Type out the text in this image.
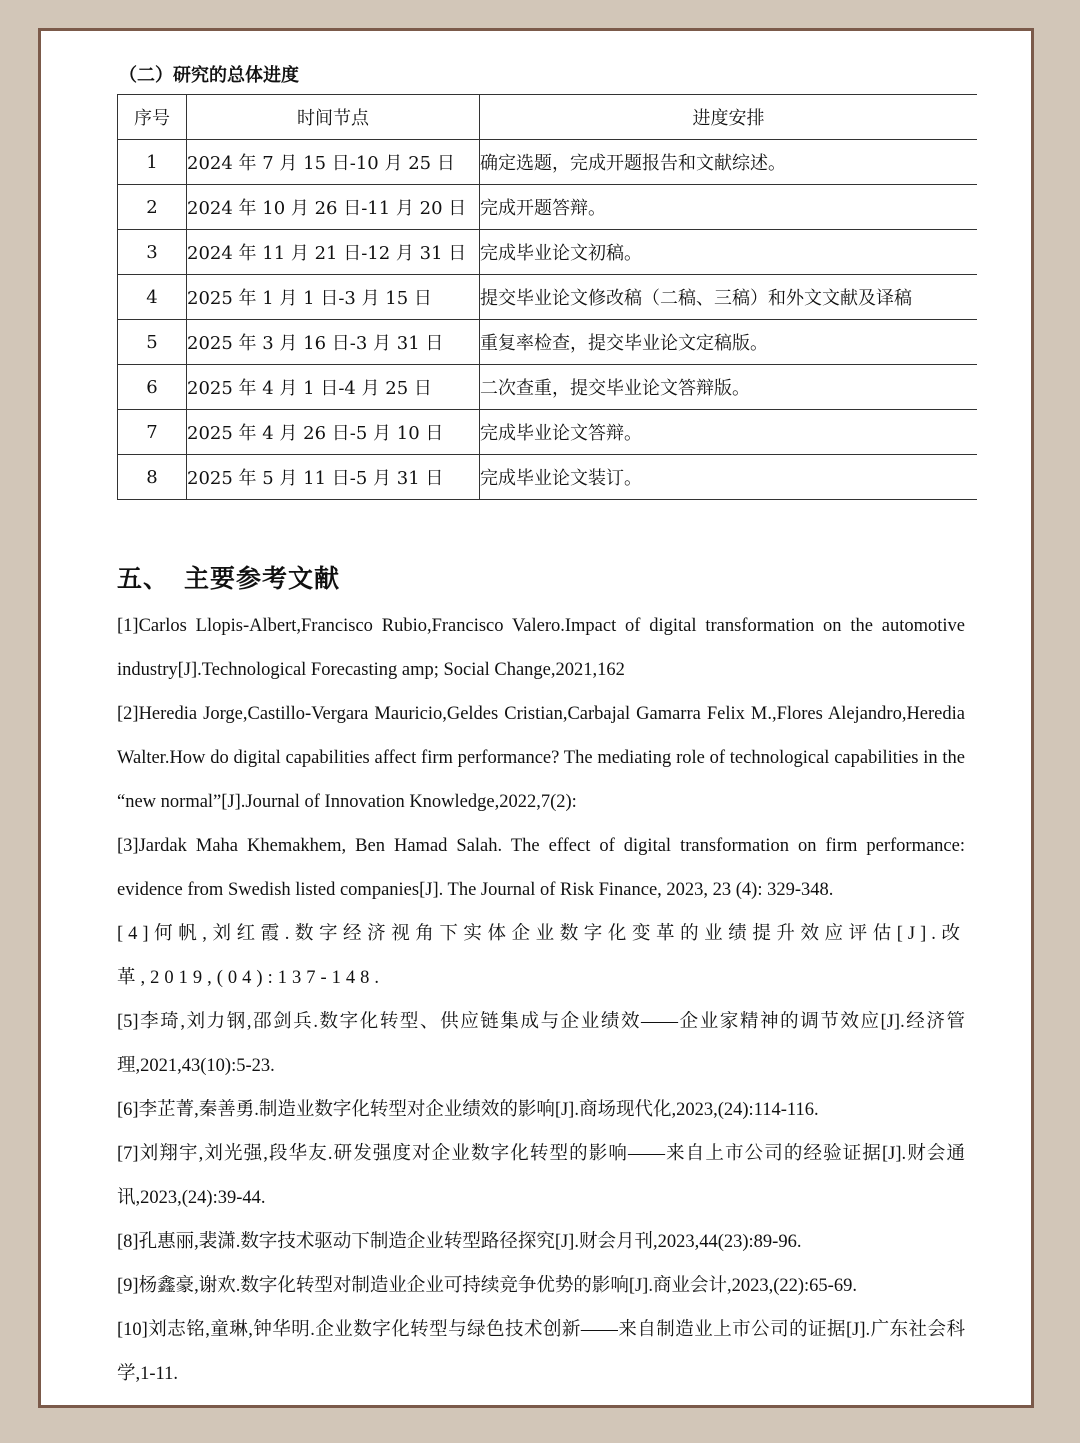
（二）研究的总体进度
序号	时间节点	进度安排
1	2024 年 7 月 15 日-10 月 25 日	确定选题，完成开题报告和文献综述。
2	2024 年 10 月 26 日-11 月 20 日	完成开题答辩。
3	2024 年 11 月 21 日-12 月 31 日	完成毕业论文初稿。
4	2025 年 1 月 1 日-3 月 15 日	提交毕业论文修改稿（二稿、三稿）和外文文献及译稿
5	2025 年 3 月 16 日-3 月 31 日	重复率检查，提交毕业论文定稿版。
6	2025 年 4 月 1 日-4 月 25 日	二次查重，提交毕业论文答辩版。
7	2025 年 4 月 26 日-5 月 10 日	完成毕业论文答辩。
8	2025 年 5 月 11 日-5 月 31 日	完成毕业论文装订。
五、 主要参考文献
[1]Carlos Llopis-Albert,Francisco Rubio,Francisco Valero.Impact of digital transformation on the automotive industry[J].Technological Forecasting amp; Social Change,2021,162
[2]Heredia Jorge,Castillo-Vergara Mauricio,Geldes Cristian,Carbajal Gamarra Felix M.,Flores Alejandro,Heredia Walter.How do digital capabilities affect firm performance? The mediating role of technological capabilities in the “new normal”[J].Journal of Innovation Knowledge,2022,7(2):
[3]Jardak Maha Khemakhem, Ben Hamad Salah. The effect of digital transformation on firm performance: evidence from Swedish listed companies[J]. The Journal of Risk Finance, 2023, 23 (4): 329-348.
[4]何帆,刘红霞.数字经济视角下实体企业数字化变革的业绩提升效应评估[J].改革,2019,(04):137-148.
[5]李琦,刘力钢,邵剑兵.数字化转型、供应链集成与企业绩效——企业家精神的调节效应[J].经济管理,2021,43(10):5-23.
[6]李芷菁,秦善勇.制造业数字化转型对企业绩效的影响[J].商场现代化,2023,(24):114-116.
[7]刘翔宇,刘光强,段华友.研发强度对企业数字化转型的影响——来自上市公司的经验证据[J].财会通讯,2023,(24):39-44.
[8]孔惠丽,裴潇.数字技术驱动下制造企业转型路径探究[J].财会月刊,2023,44(23):89-96.
[9]杨鑫豪,谢欢.数字化转型对制造业企业可持续竞争优势的影响[J].商业会计,2023,(22):65-69.
[10]刘志铭,童琳,钟华明.企业数字化转型与绿色技术创新——来自制造业上市公司的证据[J].广东社会科学,1-11.
